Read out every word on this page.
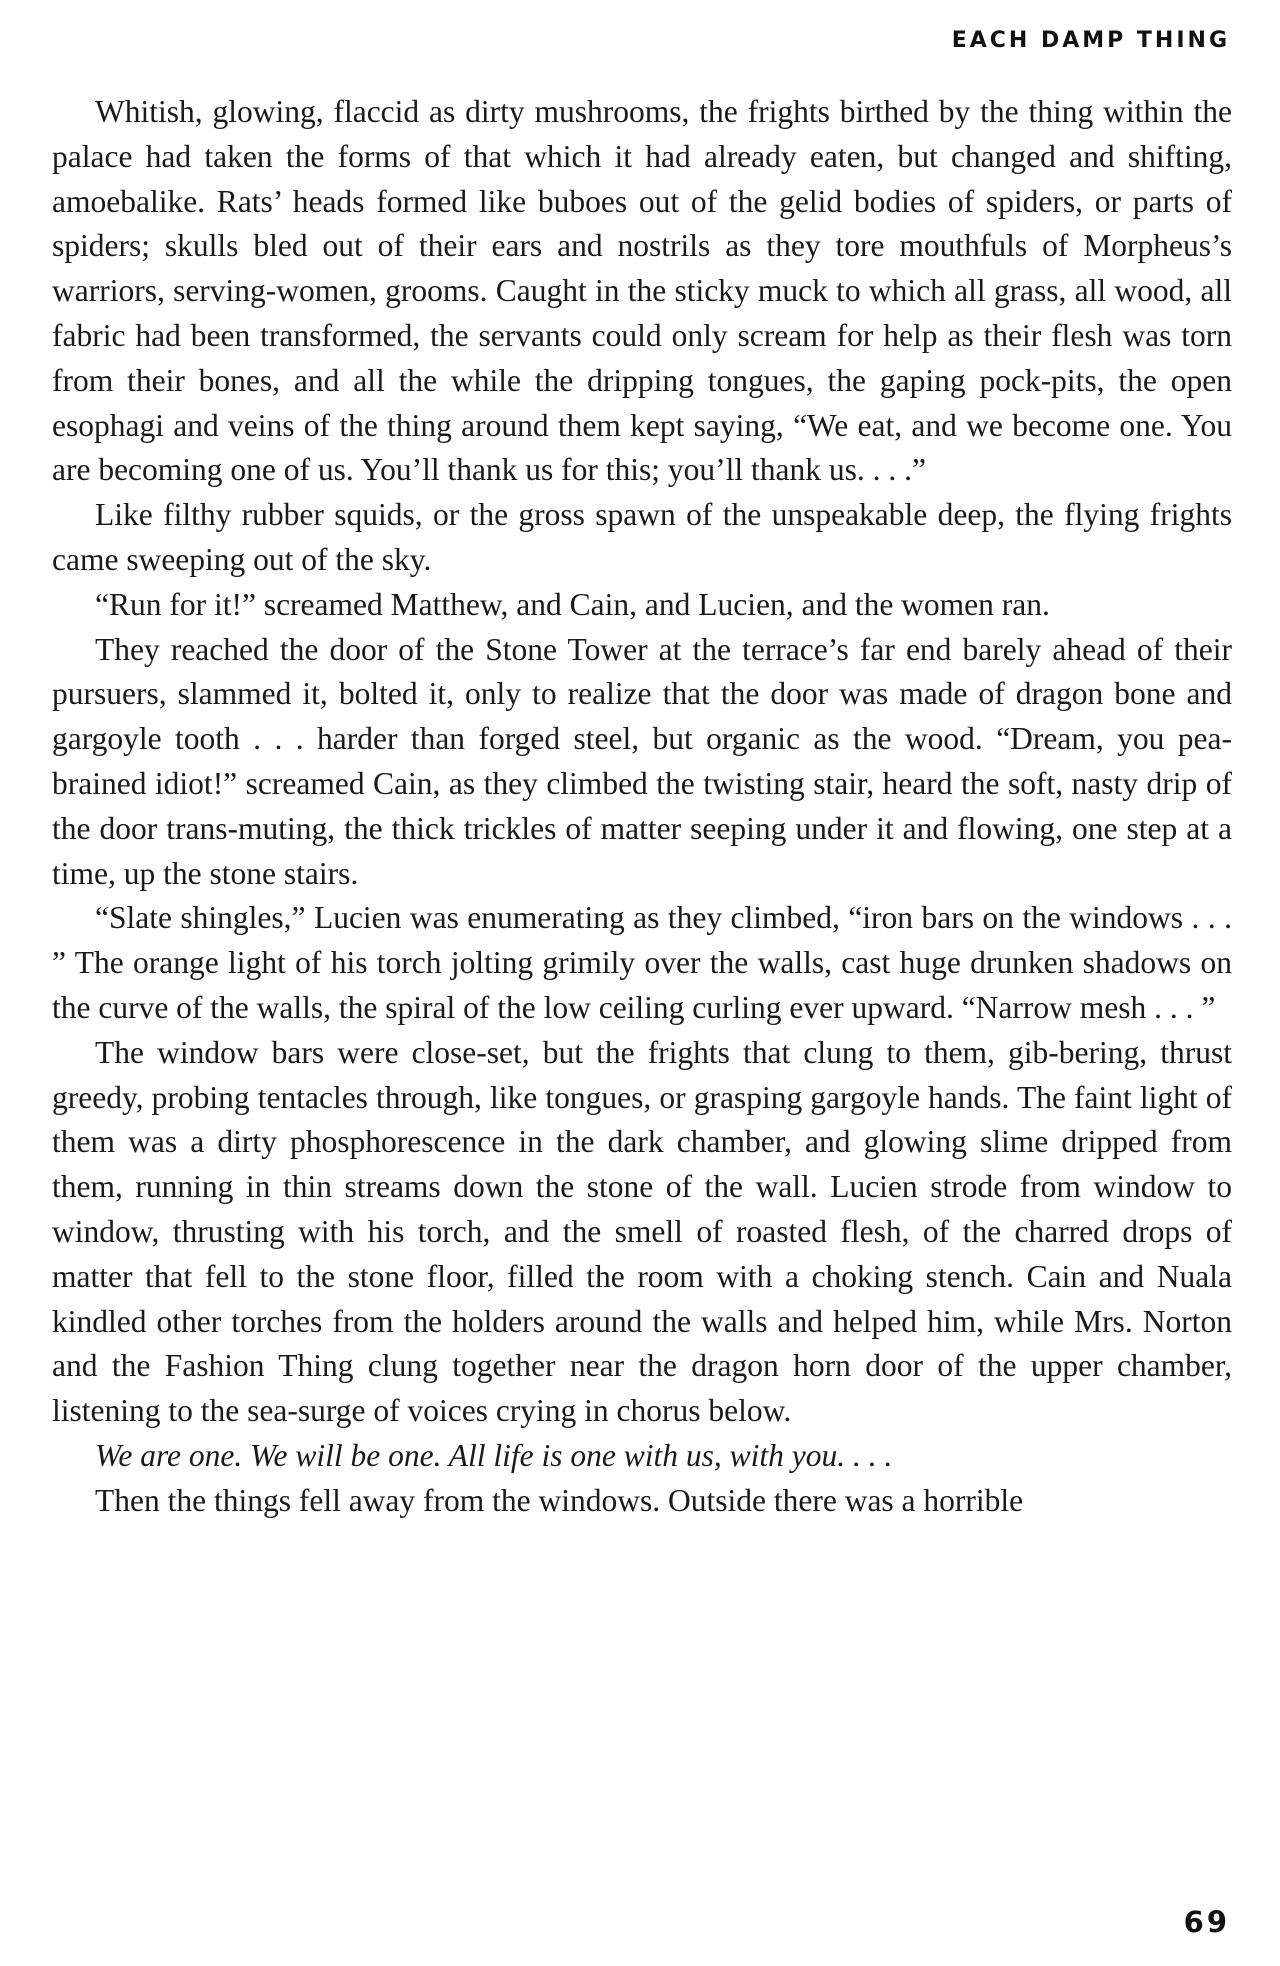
EACH DAMP THING

Whitish, glowing, flaccid as dirty mushrooms, the frights birthed by the thing within the palace had taken the forms of that which it had already eaten, but changed and shifting, amoebalike. Rats’ heads formed like buboes out of the gelid bodies of spiders, or parts of spiders; skulls bled out of their ears and nostrils as they tore mouthfuls of Morpheus’s warriors, serving-women, grooms. Caught in the sticky muck to which all grass, all wood, all fabric had been transformed, the servants could only scream for help as their flesh was torn from their bones, and all the while the dripping tongues, the gaping pock-pits, the open esophagi and veins of the thing around them kept saying, “We eat, and we become one. You are becoming one of us. You’ll thank us for this; you’ll thank us. . . .”

Like filthy rubber squids, or the gross spawn of the unspeakable deep, the flying frights came sweeping out of the sky.

“Run for it!” screamed Matthew, and Cain, and Lucien, and the women ran.

They reached the door of the Stone Tower at the terrace’s far end barely ahead of their pursuers, slammed it, bolted it, only to realize that the door was made of dragon bone and gargoyle tooth . . . harder than forged steel, but organic as the wood. “Dream, you pea-brained idiot!” screamed Cain, as they climbed the twisting stair, heard the soft, nasty drip of the door trans-muting, the thick trickles of matter seeping under it and flowing, one step at a time, up the stone stairs.

“Slate shingles,” Lucien was enumerating as they climbed, “iron bars on the windows . . . ” The orange light of his torch jolting grimily over the walls, cast huge drunken shadows on the curve of the walls, the spiral of the low ceiling curling ever upward. “Narrow mesh . . . ”

The window bars were close-set, but the frights that clung to them, gib-bering, thrust greedy, probing tentacles through, like tongues, or grasping gargoyle hands. The faint light of them was a dirty phosphorescence in the dark chamber, and glowing slime dripped from them, running in thin streams down the stone of the wall. Lucien strode from window to window, thrusting with his torch, and the smell of roasted flesh, of the charred drops of matter that fell to the stone floor, filled the room with a choking stench. Cain and Nuala kindled other torches from the holders around the walls and helped him, while Mrs. Norton and the Fashion Thing clung together near the dragon horn door of the upper chamber, listening to the sea-surge of voices crying in chorus below.

We are one. We will be one. All life is one with us, with you. . . .

Then the things fell away from the windows. Outside there was a horrible

69
